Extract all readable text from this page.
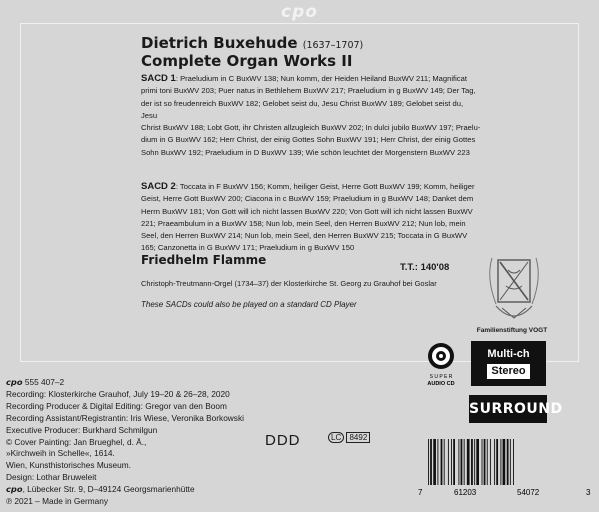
cpo
Dietrich Buxehude (1637–1707)
Complete Organ Works II
SACD 1: Praeludium in C BuxWV 138; Nun komm, der Heiden Heiland BuxWV 211; Magnificat
primi toni BuxWV 203; Puer natus in Bethlehem BuxWV 217; Praeludium in g BuxWV 149; Der Tag,
der ist so freudenreich BuxWV 182; Gelobet seist du, Jesu Christ BuxWV 189; Gelobet seist du, Jesu
Christ BuxWV 188; Lobt Gott, ihr Christen allzugleich BuxWV 202; In dulci jubilo BuxWV 197; Praelu-
dium in G BuxWV 162; Herr Christ, der einig Gottes Sohn BuxWV 191; Herr Christ, der einig Gottes
Sohn BuxWV 192; Praeludium in D BuxWV 139; Wie schön leuchtet der Morgenstern BuxWV 223
SACD 2: Toccata in F BuxWV 156; Komm, heiliger Geist, Herre Gott BuxWV 199; Komm, heiliger
Geist, Herre Gott BuxWV 200; Ciacona in c BuxWV 159; Praeludium in g BuxWV 148; Danket dem
Herrn BuxWV 181; Von Gott will ich nicht lassen BuxWV 220; Von Gott will ich nicht lassen BuxWV
221; Praeambulum in a BuxWV 158; Nun lob, mein Seel, den Herren BuxWV 212; Nun lob, mein
Seel, den Herren BuxWV 214; Nun lob, mein Seel, den Herren BuxWV 215; Toccata in G BuxWV
165; Canzonetta in G BuxWV 171; Praeludium in g BuxWV 150
T.T.: 140'08
Friedhelm Flamme
Christoph-Treutmann-Orgel (1734–37) der Klosterkirche St. Georg zu Grauhof bei Goslar
These SACDs could also be played on a standard CD Player
Familienstiftung VOGT
cpo 555 407–2
Recording: Klosterkirche Grauhof, July 19–20 & 26–28, 2020
Recording Producer & Digital Editing: Gregor van den Boom
Recording Assistant/Registrantin: Iris Wiese, Veronika Borkowski
Executive Producer: Burkhard Schmilgun
© Cover Painting: Jan Brueghel, d. Ä.,
»Kirchweih in Schelle«, 1614.
Wien, Kunsthistorisches Museum.
Design: Lothar Bruweleit
cpo, Lübecker Str. 9, D–49124 Georgsmarienhütte
℗ 2021 – Made in Germany
S U P E R
AUDIO CD
Multi-ch
Stereo
SURROUND
DDD	LC 8492
7	61203	54072	3
